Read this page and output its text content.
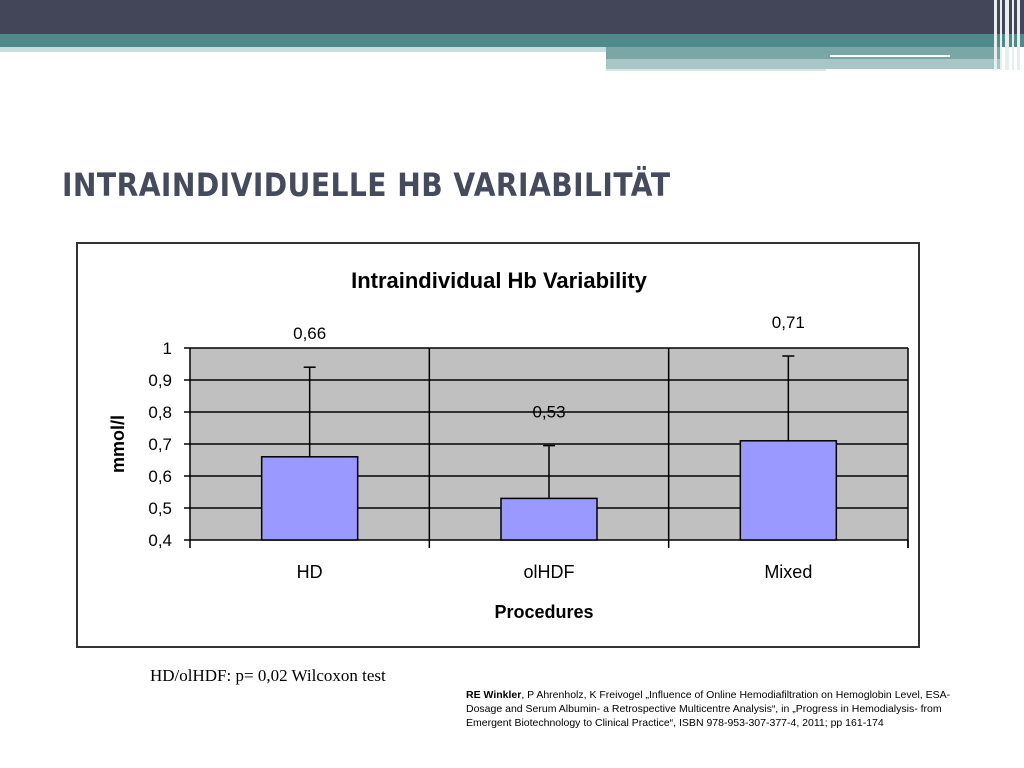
INTRAINDIVIDUELLE HB VARIABILITÄT
0,4
0,5
0,6
0,7
0,8
0,9
1
0,66
HD
0,53
olHDF
0,71
Mixed
Intraindividual Hb Variability
Procedures
mmol/l
HD/olHDF: p= 0,02 Wilcoxon test
RE Winkler, P Ahrenholz, K Freivogel „Influence of Online Hemodiafiltration on Hemoglobin Level, ESA- Dosage and Serum Albumin- a Retrospective Multicentre Analysis“, in „Progress in Hemodialysis- from Emergent Biotechnology to Clinical Practice“, ISBN 978-953-307-377-4, 2011; pp 161-174
